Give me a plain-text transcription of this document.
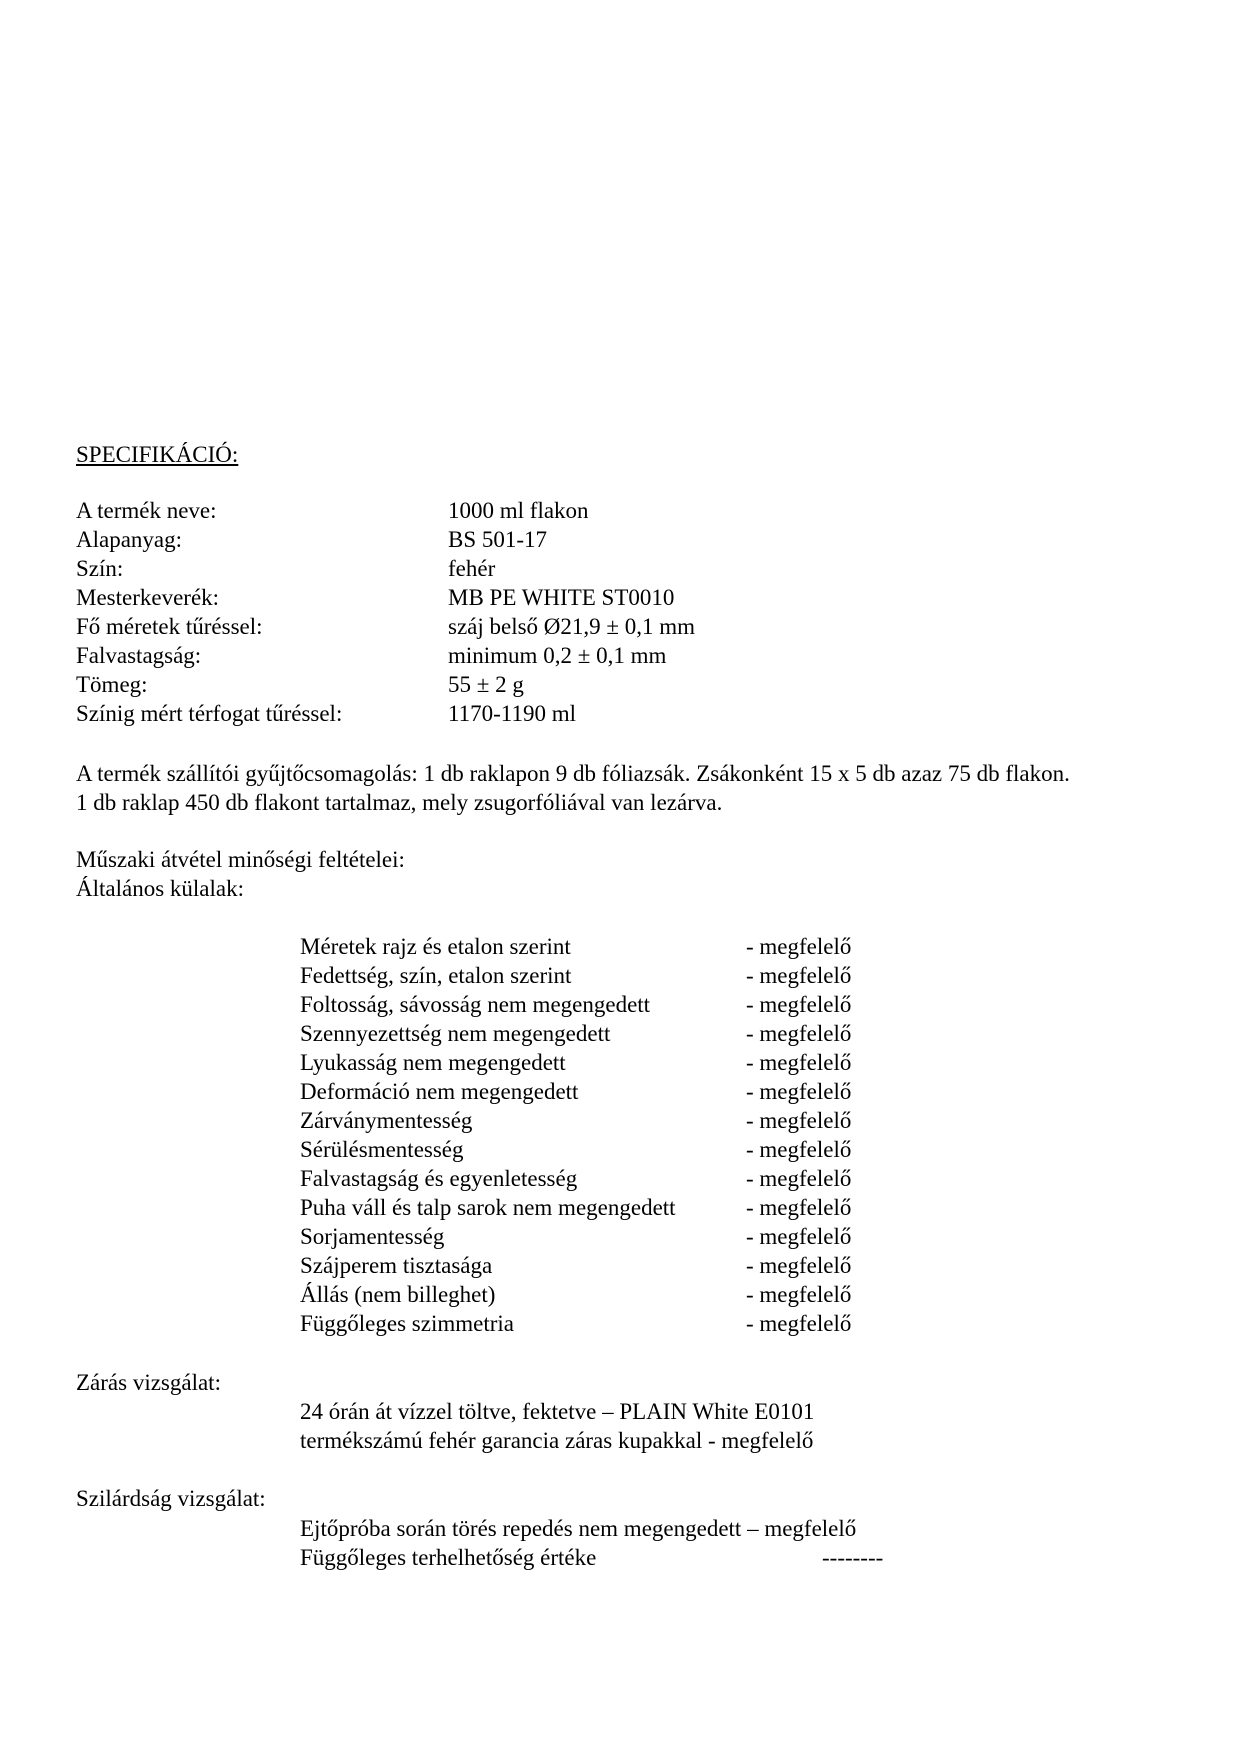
SPECIFIKÁCIÓ:
A termék neve:	1000 ml flakon
Alapanyag:	BS 501-17
Szín:	fehér
Mesterkeverék:	MB PE WHITE ST0010
Fő méretek tűréssel:	száj belső Ø21,9 ± 0,1 mm
Falvastagság:	minimum 0,2 ± 0,1 mm
Tömeg:	55 ± 2 g
Színig mért térfogat tűréssel:	1170-1190 ml
A termék szállítói gyűjtőcsomagolás: 1 db raklapon 9 db fóliazsák. Zsákonként 15 x 5 db azaz 75 db flakon.
1 db raklap 450 db flakont tartalmaz, mely zsugorfóliával van lezárva.
Műszaki átvétel minőségi feltételei:
Általános külalak:
Méretek rajz és etalon szerint	- megfelelő
Fedettség, szín, etalon szerint	- megfelelő
Foltosság, sávosság nem megengedett	- megfelelő
Szennyezettség nem megengedett	- megfelelő
Lyukasság nem megengedett	- megfelelő
Deformáció nem megengedett	- megfelelő
Zárványmentesség	- megfelelő
Sérülésmentesség	- megfelelő
Falvastagság és egyenletesség	- megfelelő
Puha váll és talp sarok nem megengedett	- megfelelő
Sorjamentesség	- megfelelő
Szájperem tisztasága	- megfelelő
Állás (nem billeghet)	- megfelelő
Függőleges szimmetria	- megfelelő
Zárás vizsgálat:
24 órán át vízzel töltve, fektetve – PLAIN White E0101
termékszámú fehér garancia záras kupakkal - megfelelő
Szilárdság vizsgálat:
Ejtőpróba során törés repedés nem megengedett – megfelelő
Függőleges terhelhetőség értéke	--------
